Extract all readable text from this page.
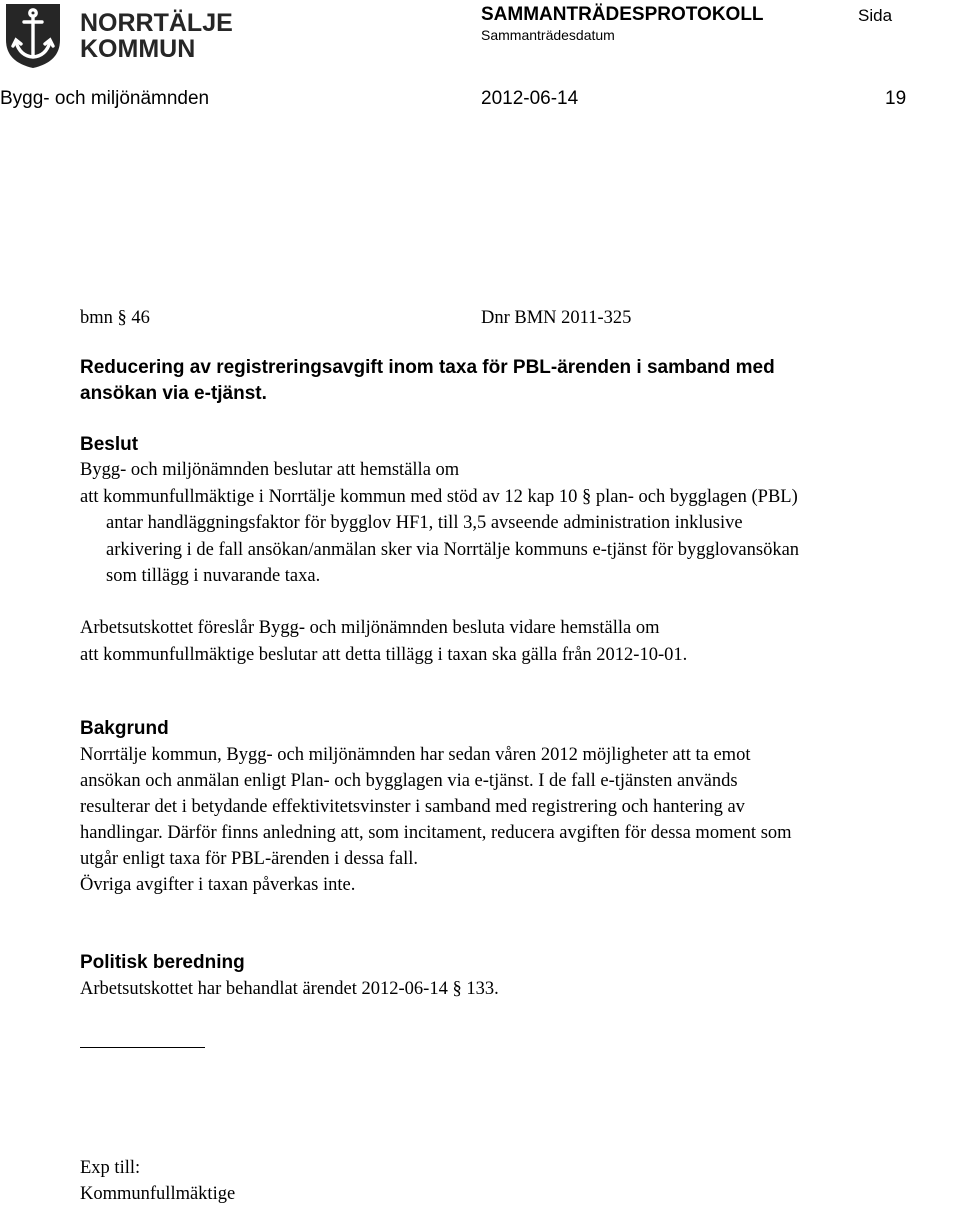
NORRTÄLJE
KOMMUN
SAMMANTRÄDESPROTOKOLL	Sida
Sammanträdesdatum
Bygg- och miljönämnden	2012-06-14	19
bmn § 46	Dnr BMN 2011-325
Reducering av registreringsavgift inom taxa för PBL-ärenden i samband med
ansökan via e-tjänst.
Beslut
Bygg- och miljönämnden beslutar att hemställa om
att kommunfullmäktige i Norrtälje kommun med stöd av 12 kap 10 § plan- och bygglagen (PBL)
antar handläggningsfaktor för bygglov HF1, till 3,5 avseende administration inklusive
arkivering i de fall ansökan/anmälan sker via Norrtälje kommuns e-tjänst för bygglovansökan
som tillägg i nuvarande taxa.
Arbetsutskottet föreslår Bygg- och miljönämnden besluta vidare hemställa om
att kommunfullmäktige beslutar att detta tillägg i taxan ska gälla från 2012-10-01.
Bakgrund
Norrtälje kommun, Bygg- och miljönämnden har sedan våren 2012 möjligheter att ta emot
ansökan och anmälan enligt Plan- och bygglagen via e-tjänst. I de fall e-tjänsten används
resulterar det i betydande effektivitetsvinster i samband med registrering och hantering av
handlingar. Därför finns anledning att, som incitament, reducera avgiften för dessa moment som
utgår enligt taxa för PBL-ärenden i dessa fall.
Övriga avgifter i taxan påverkas inte.
Politisk beredning
Arbetsutskottet har behandlat ärendet 2012-06-14 § 133.
Exp till:
Kommunfullmäktige
